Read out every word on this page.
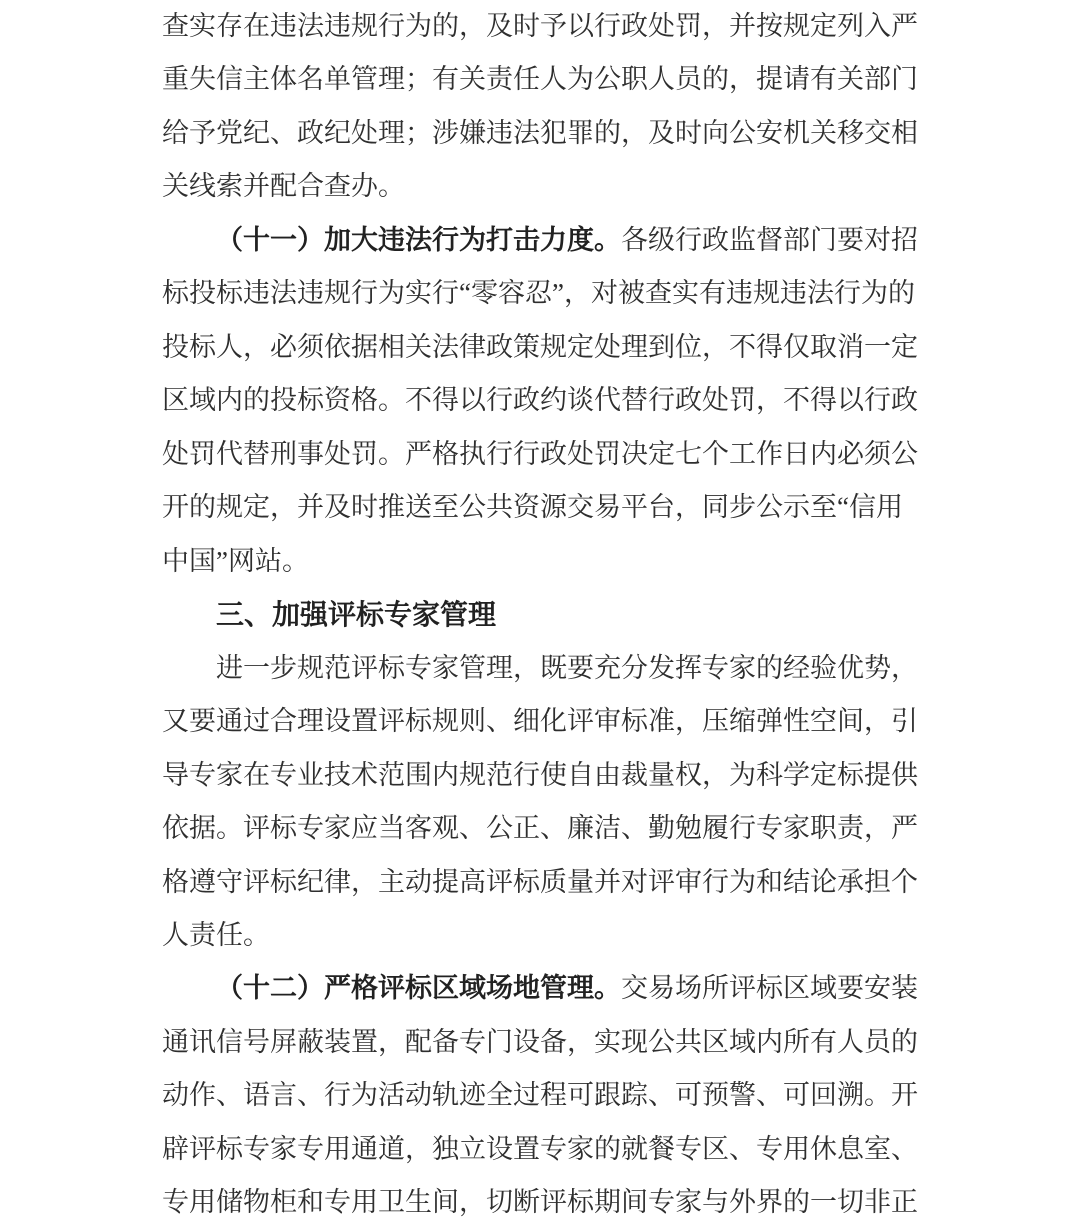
查实存在违法违规行为的，及时予以行政处罚，并按规定列入严
重失信主体名单管理；有关责任人为公职人员的，提请有关部门
给予党纪、政纪处理；涉嫌违法犯罪的，及时向公安机关移交相
关线索并配合查办。
（十一）加大违法行为打击力度。各级行政监督部门要对招
标投标违法违规行为实行“零容忍”，对被查实有违规违法行为的
投标人，必须依据相关法律政策规定处理到位，不得仅取消一定
区域内的投标资格。不得以行政约谈代替行政处罚，不得以行政
处罚代替刑事处罚。严格执行行政处罚决定七个工作日内必须公
开的规定，并及时推送至公共资源交易平台，同步公示至“信用
中国”网站。
三、加强评标专家管理
进一步规范评标专家管理，既要充分发挥专家的经验优势，
又要通过合理设置评标规则、细化评审标准，压缩弹性空间，引
导专家在专业技术范围内规范行使自由裁量权，为科学定标提供
依据。评标专家应当客观、公正、廉洁、勤勉履行专家职责，严
格遵守评标纪律，主动提高评标质量并对评审行为和结论承担个
人责任。
（十二）严格评标区域场地管理。交易场所评标区域要安装
通讯信号屏蔽装置，配备专门设备，实现公共区域内所有人员的
动作、语言、行为活动轨迹全过程可跟踪、可预警、可回溯。开
辟评标专家专用通道，独立设置专家的就餐专区、专用休息室、
专用储物柜和专用卫生间，切断评标期间专家与外界的一切非正
